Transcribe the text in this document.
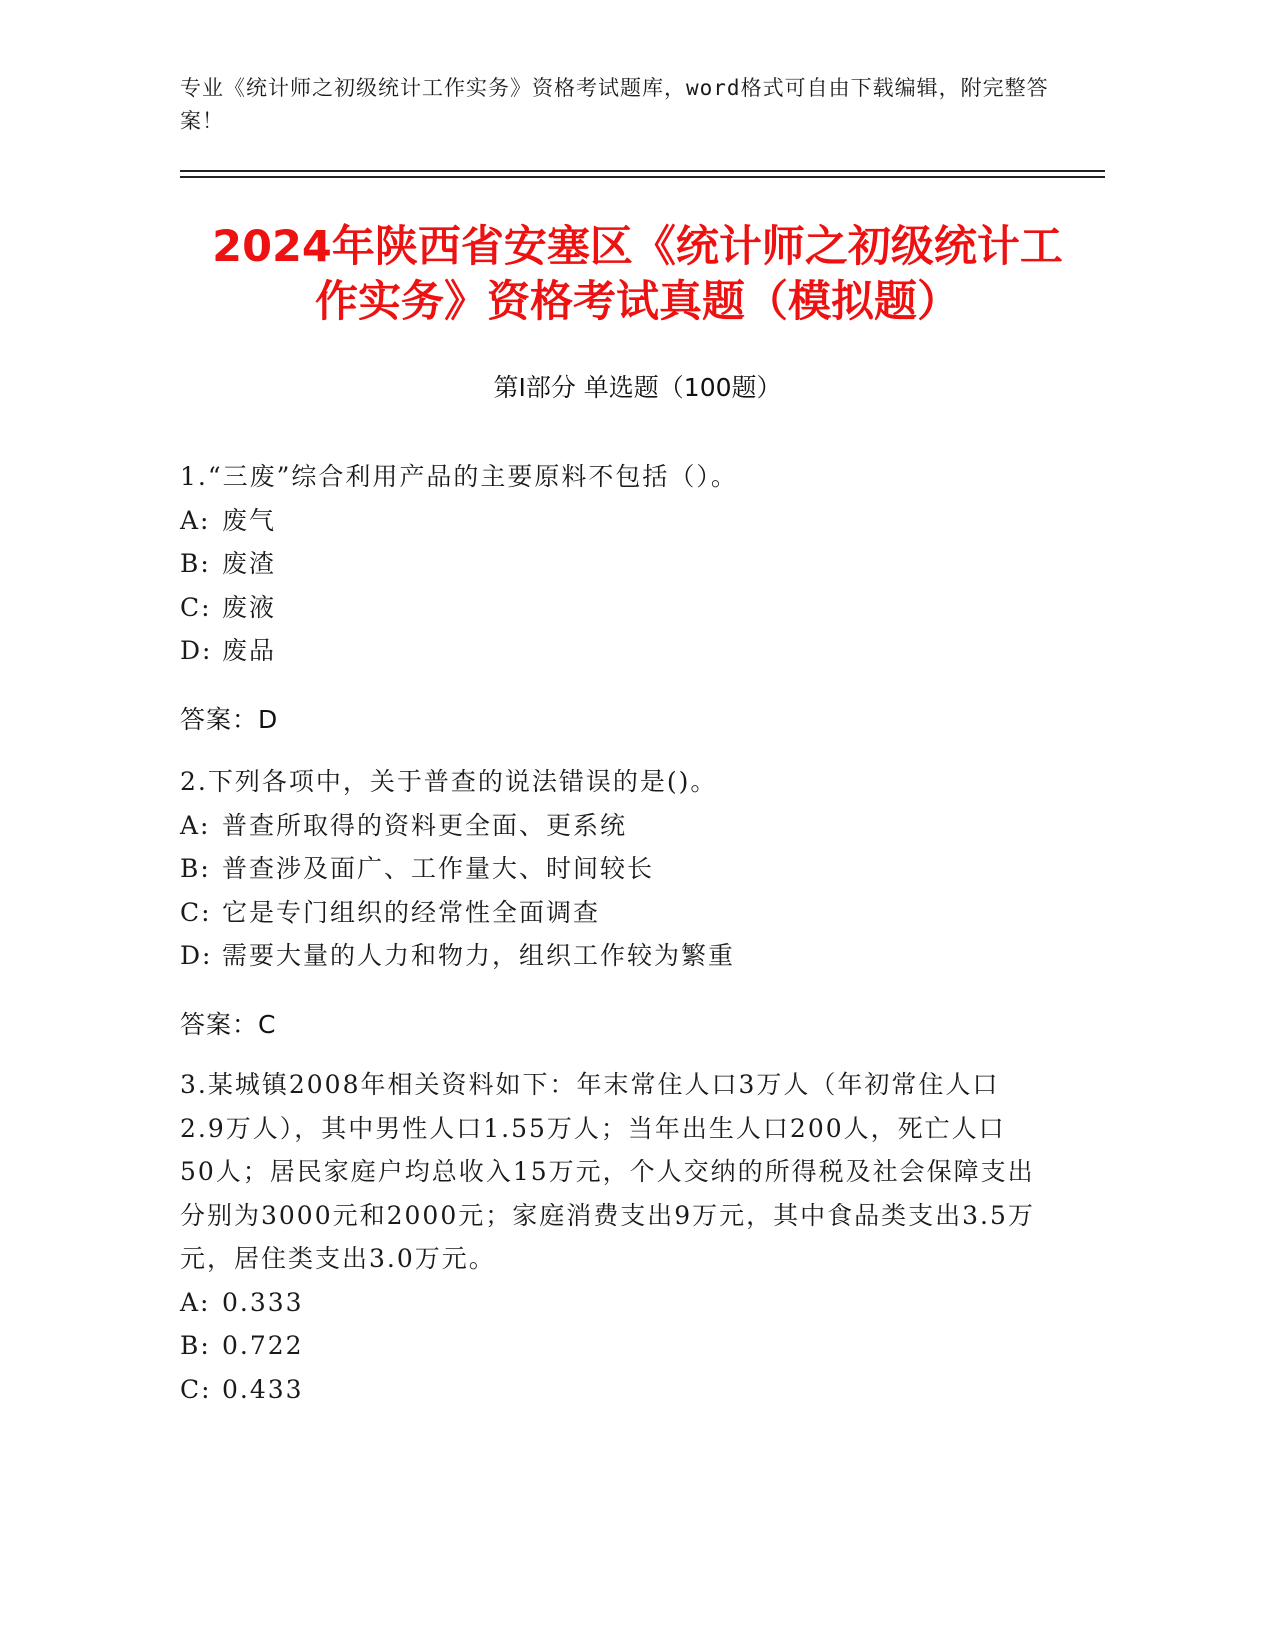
专业《统计师之初级统计工作实务》资格考试题库，word格式可自由下载编辑，附完整答案！
2024年陕西省安塞区《统计师之初级统计工
作实务》资格考试真题（模拟题）
第Ⅰ部分 单选题（100题）

1.“三废”综合利用产品的主要原料不包括（）。

A: 废气

B: 废渣

C: 废液

D: 废品

答案：D

2.下列各项中，关于普查的说法错误的是()。

A: 普查所取得的资料更全面、更系统

B: 普查涉及面广、工作量大、时间较长

C: 它是专门组织的经常性全面调查

D: 需要大量的人力和物力，组织工作较为繁重

答案：C

3.某城镇2008年相关资料如下：年末常住人口3万人（年初常住人口2.9万人），其中男性人口1.55万人；当年出生人口200人，死亡人口50人；居民家庭户均总收入15万元，个人交纳的所得税及社会保障支出分别为3000元和2000元；家庭消费支出9万元，其中食品类支出3.5万元，居住类支出3.0万元。

A: 0.333

B: 0.722

C: 0.433
